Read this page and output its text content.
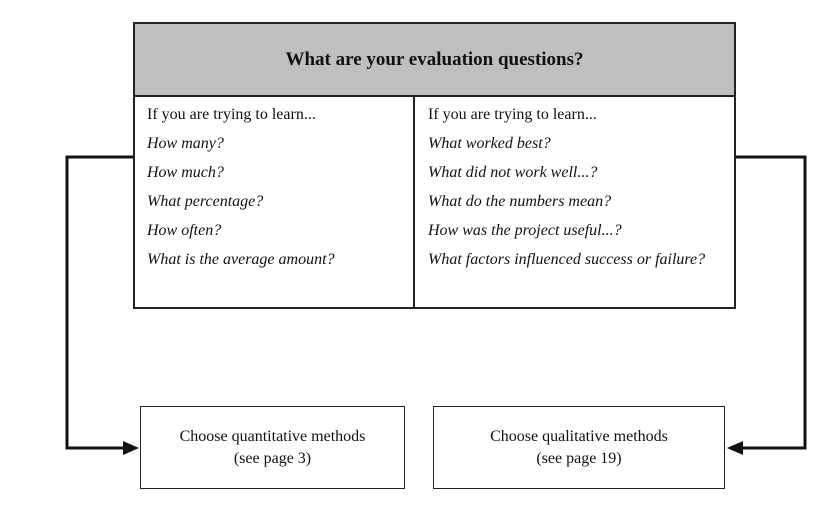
What are your evaluation questions?
If you are trying to learn...
How many?
How much?
What percentage?
How often?
What is the average amount?
If you are trying to learn...
What worked best?
What did not work well...?
What do the numbers mean?
How was the project useful...?
What factors influenced success or failure?
Choose quantitative methods
(see page 3)
Choose qualitative methods
(see page 19)
